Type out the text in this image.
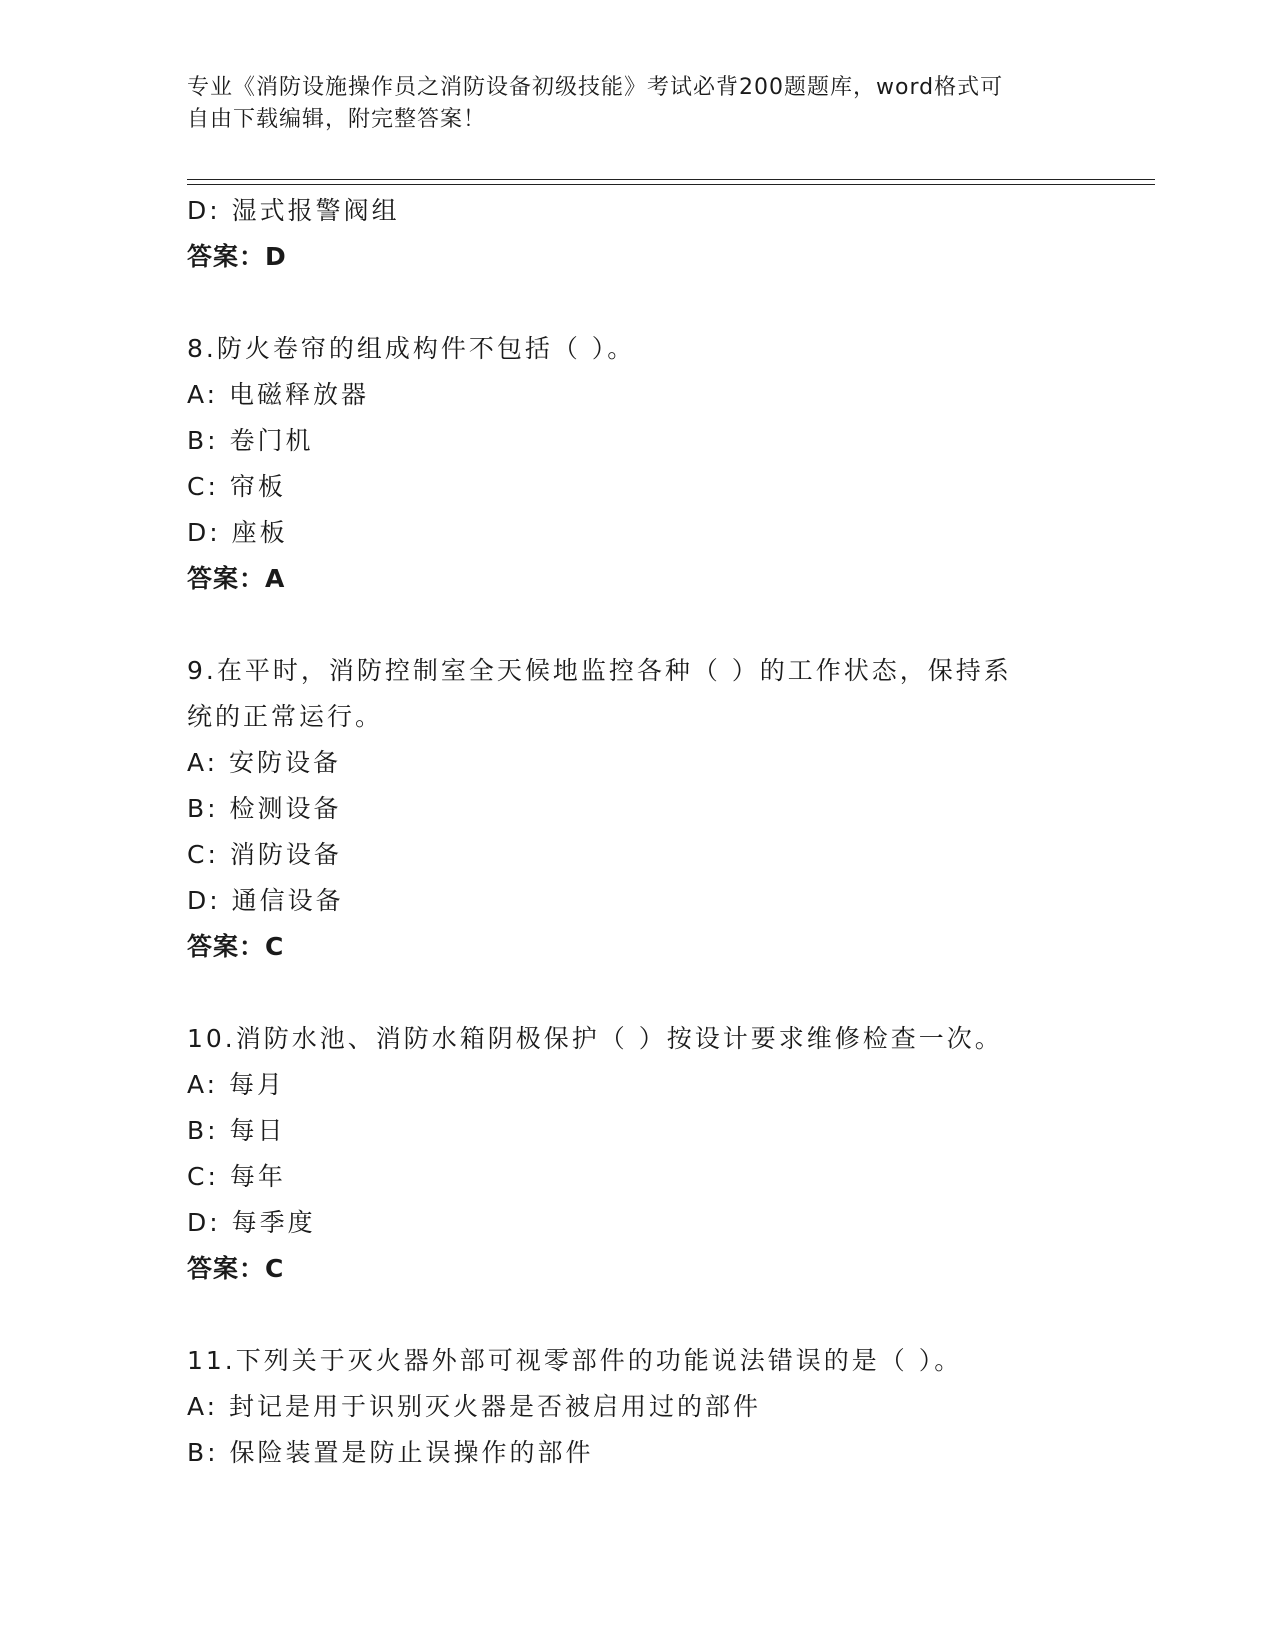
专业《消防设施操作员之消防设备初级技能》考试必背200题题库，word格式可
自由下载编辑，附完整答案！
D: 湿式报警阀组
答案：D
8.防火卷帘的组成构件不包括（ ）。
A: 电磁释放器
B: 卷门机
C: 帘板
D: 座板
答案：A
9.在平时，消防控制室全天候地监控各种（ ）的工作状态，保持系
统的正常运行。
A: 安防设备
B: 检测设备
C: 消防设备
D: 通信设备
答案：C
10.消防水池、消防水箱阴极保护（ ）按设计要求维修检查一次。
A: 每月
B: 每日
C: 每年
D: 每季度
答案：C
11.下列关于灭火器外部可视零部件的功能说法错误的是（ ）。
A: 封记是用于识别灭火器是否被启用过的部件
B: 保险装置是防止误操作的部件
